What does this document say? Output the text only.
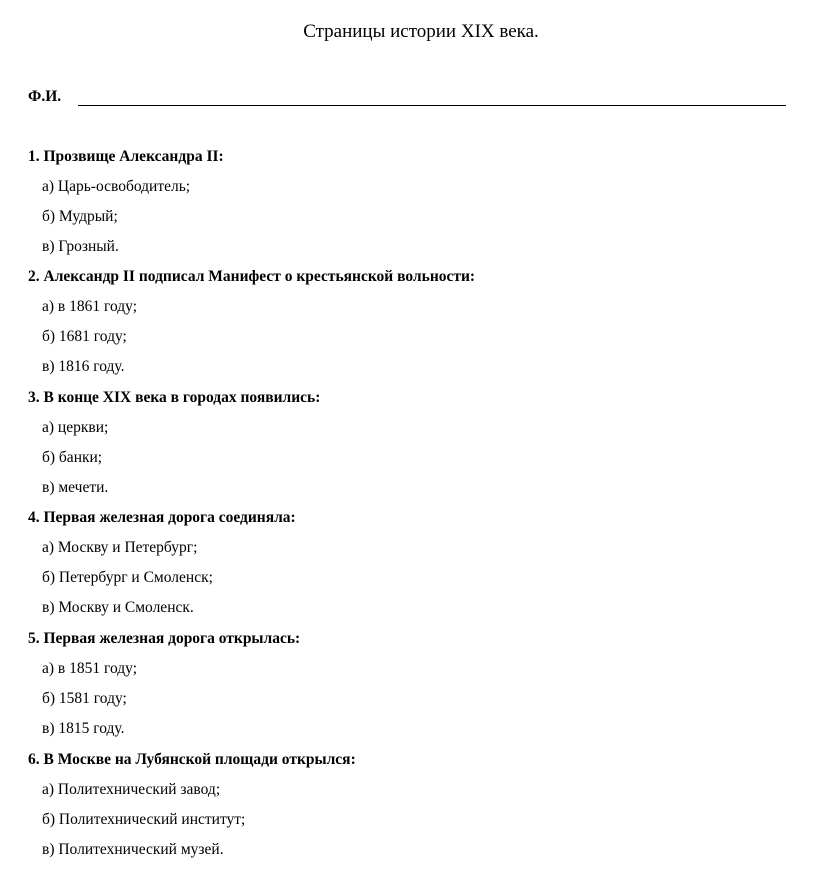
Страницы истории XIX века.
Ф.И.
1. Прозвище Александра II:
а) Царь-освободитель;
б) Мудрый;
в) Грозный.
2. Александр II подписал Манифест о крестьянской вольности:
а) в 1861 году;
б) 1681 году;
в) 1816 году.
3. В конце XIX века в городах появились:
а) церкви;
б) банки;
в) мечети.
4. Первая железная дорога соединяла:
а) Москву и Петербург;
б) Петербург и Смоленск;
в) Москву и Смоленск.
5. Первая железная дорога открылась:
а) в 1851 году;
б) 1581 году;
в) 1815 году.
6. В Москве на Лубянской площади открылся:
а) Политехнический завод;
б) Политехнический институт;
в) Политехнический музей.
